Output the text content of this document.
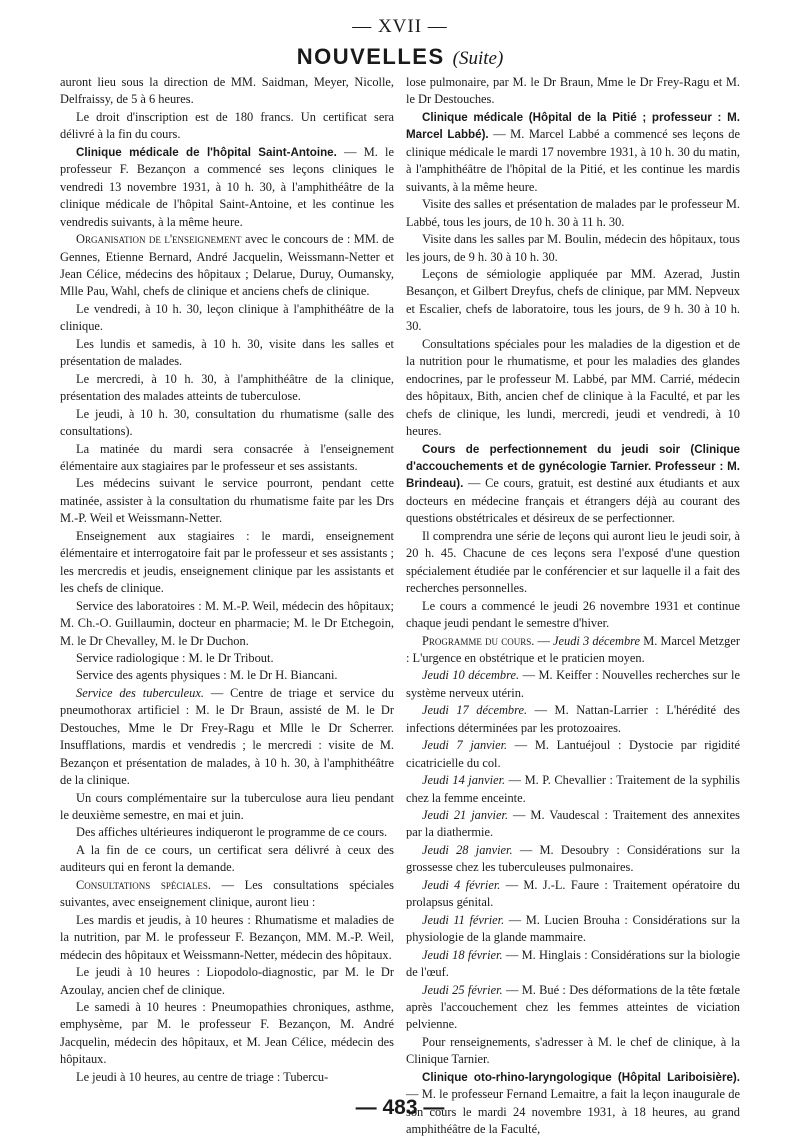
— XVII —
NOUVELLES (Suite)

auront lieu sous la direction de MM. Saidman, Meyer, Nicolle, Delfraissy, de 5 à 6 heures.

Le droit d'inscription est de 180 francs. Un certificat sera délivré à la fin du cours.

Clinique médicale de l'hôpital Saint-Antoine. — M. le professeur F. Bezançon a commencé ses leçons cliniques le vendredi 13 novembre 1931, à 10 h. 30, à l'amphithéâtre de la clinique médicale de l'hôpital Saint-Antoine, et les continue les vendredis suivants, à la même heure.

Organisation de l'enseignement avec le concours de : MM. de Gennes, Etienne Bernard, André Jacquelin, Weissmann-Netter et Jean Célice, médecins des hôpitaux ; Delarue, Duruy, Oumansky, Mlle Pau, Wahl, chefs de clinique et anciens chefs de clinique.

Le vendredi, à 10 h. 30, leçon clinique à l'amphithéâtre de la clinique.

Les lundis et samedis, à 10 h. 30, visite dans les salles et présentation de malades.

Le mercredi, à 10 h. 30, à l'amphithéâtre de la clinique, présentation des malades atteints de tuberculose.

Le jeudi, à 10 h. 30, consultation du rhumatisme (salle des consultations).

La matinée du mardi sera consacrée à l'enseignement élémentaire aux stagiaires par le professeur et ses assistants.

Les médecins suivant le service pourront, pendant cette matinée, assister à la consultation du rhumatisme faite par les Drs M.-P. Weil et Weissmann-Netter.

Enseignement aux stagiaires : le mardi, enseignement élémentaire et interrogatoire fait par le professeur et ses assistants ; les mercredis et jeudis, enseignement clinique par les assistants et les chefs de clinique.

Service des laboratoires : M. M.-P. Weil, médecin des hôpitaux; M. Ch.-O. Guillaumin, docteur en pharmacie; M. le Dr Etchegoin, M. le Dr Chevalley, M. le Dr Duchon.

Service radiologique : M. le Dr Tribout.

Service des agents physiques : M. le Dr H. Biancani.

Service des tuberculeux. — Centre de triage et service du pneumothorax artificiel : M. le Dr Braun, assisté de M. le Dr Destouches, Mme le Dr Frey-Ragu et Mlle le Dr Scherrer. Insufflations, mardis et vendredis ; le mercredi : visite de M. Bezançon et présentation de malades, à 10 h. 30, à l'amphithéâtre de la clinique.

Un cours complémentaire sur la tuberculose aura lieu pendant le deuxième semestre, en mai et juin.

Des affiches ultérieures indiqueront le programme de ce cours.

A la fin de ce cours, un certificat sera délivré à ceux des auditeurs qui en feront la demande.

Consultations spéciales. — Les consultations spéciales suivantes, avec enseignement clinique, auront lieu :

Les mardis et jeudis, à 10 heures : Rhumatisme et maladies de la nutrition, par M. le professeur F. Bezançon, MM. M.-P. Weil, médecin des hôpitaux et Weissmann-Netter, médecin des hôpitaux.

Le jeudi à 10 heures : Liopodolo-diagnostic, par M. le Dr Azoulay, ancien chef de clinique.

Le samedi à 10 heures : Pneumopathies chroniques, asthme, emphysème, par M. le professeur F. Bezançon, M. André Jacquelin, médecin des hôpitaux, et M. Jean Célice, médecin des hôpitaux.

Le jeudi à 10 heures, au centre de triage : Tubercu-

lose pulmonaire, par M. le Dr Braun, Mme le Dr Frey-Ragu et M. le Dr Destouches.

Clinique médicale (Hôpital de la Pitié ; professeur : M. Marcel Labbé). — M. Marcel Labbé a commencé ses leçons de clinique médicale le mardi 17 novembre 1931, à 10 h. 30 du matin, à l'amphithéâtre de l'hôpital de la Pitié, et les continue les mardis suivants, à la même heure.

Visite des salles et présentation de malades par le professeur M. Labbé, tous les jours, de 10 h. 30 à 11 h. 30.

Visite dans les salles par M. Boulin, médecin des hôpitaux, tous les jours, de 9 h. 30 à 10 h. 30.

Leçons de sémiologie appliquée par MM. Azerad, Justin Besançon, et Gilbert Dreyfus, chefs de clinique, par MM. Nepveux et Escalier, chefs de laboratoire, tous les jours, de 9 h. 30 à 10 h. 30.

Consultations spéciales pour les maladies de la digestion et de la nutrition pour le rhumatisme, et pour les maladies des glandes endocrines, par le professeur M. Labbé, par MM. Carrié, médecin des hôpitaux, Bith, ancien chef de clinique à la Faculté, et par les chefs de clinique, les lundi, mercredi, jeudi et vendredi, à 10 heures.

Cours de perfectionnement du jeudi soir (Clinique d'accouchements et de gynécologie Tarnier. Professeur : M. Brindeau). — Ce cours, gratuit, est destiné aux étudiants et aux docteurs en médecine français et étrangers déjà au courant des questions obstétricales et désireux de se perfectionner.

Il comprendra une série de leçons qui auront lieu le jeudi soir, à 20 h. 45. Chacune de ces leçons sera l'exposé d'une question spécialement étudiée par le conférencier et sur laquelle il a fait des recherches personnelles.

Le cours a commencé le jeudi 26 novembre 1931 et continue chaque jeudi pendant le semestre d'hiver.

Programme du cours. — Jeudi 3 décembre M. Marcel Metzger : L'urgence en obstétrique et le praticien moyen.

Jeudi 10 décembre. — M. Keiffer : Nouvelles recherches sur le système nerveux utérin.

Jeudi 17 décembre. — M. Nattan-Larrier : L'hérédité des infections déterminées par les protozoaires.

Jeudi 7 janvier. — M. Lantuéjoul : Dystocie par rigidité cicatricielle du col.

Jeudi 14 janvier. — M. P. Chevallier : Traitement de la syphilis chez la femme enceinte.

Jeudi 21 janvier. — M. Vaudescal : Traitement des annexites par la diathermie.

Jeudi 28 janvier. — M. Desoubry : Considérations sur la grossesse chez les tuberculeuses pulmonaires.

Jeudi 4 février. — M. J.-L. Faure : Traitement opératoire du prolapsus génital.

Jeudi 11 février. — M. Lucien Brouha : Considérations sur la physiologie de la glande mammaire.

Jeudi 18 février. — M. Hinglais : Considérations sur la biologie de l'œuf.

Jeudi 25 février. — M. Bué : Des déformations de la tête fœtale après l'accouchement chez les femmes atteintes de viciation pelvienne.

Pour renseignements, s'adresser à M. le chef de clinique, à la Clinique Tarnier.

Clinique oto-rhino-laryngologique (Hôpital Lariboisière). — M. le professeur Fernand Lemaitre, a fait la leçon inaugurale de son cours le mardi 24 novembre 1931, à 18 heures, au grand amphithéâtre de la Faculté,

— 483 —
